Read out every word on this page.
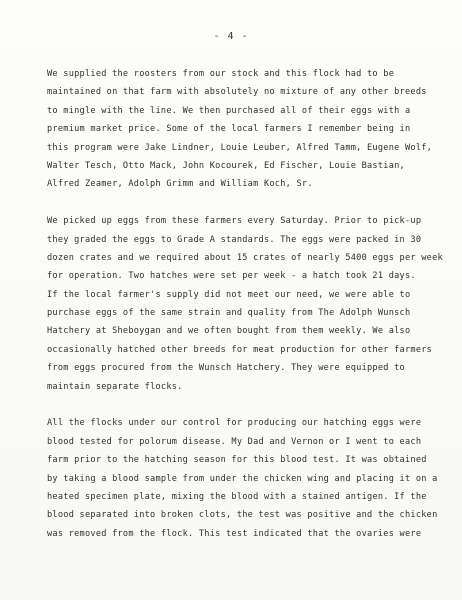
- 4 -
We supplied the roosters from our stock and this flock had to be
maintained on that farm with absolutely no mixture of any other breeds
to mingle with the line. We then purchased all of their eggs with a
premium market price. Some of the local farmers I remember being in
this program were Jake Lindner, Louie Leuber, Alfred Tamm, Eugene Wolf,
Walter Tesch, Otto Mack, John Kocourek, Ed Fischer, Louie Bastian,
Alfred Zeamer, Adolph Grimm and William Koch, Sr.
We picked up eggs from these farmers every Saturday. Prior to pick-up
they graded the eggs to Grade A standards. The eggs were packed in 30
dozen crates and we required about 15 crates of nearly 5400 eggs per week
for operation. Two hatches were set per week - a hatch took 21 days.
If the local farmer's supply did not meet our need, we were able to
purchase eggs of the same strain and quality from The Adolph Wunsch
Hatchery at Sheboygan and we often bought from them weekly. We also
occasionally hatched other breeds for meat production for other farmers
from eggs procured from the Wunsch Hatchery. They were equipped to
maintain separate flocks.
All the flocks under our control for producing our hatching eggs were
blood tested for polorum disease. My Dad and Vernon or I went to each
farm prior to the hatching season for this blood test. It was obtained
by taking a blood sample from under the chicken wing and placing it on a
heated specimen plate, mixing the blood with a stained antigen. If the
blood separated into broken clots, the test was positive and the chicken
was removed from the flock. This test indicated that the ovaries were
